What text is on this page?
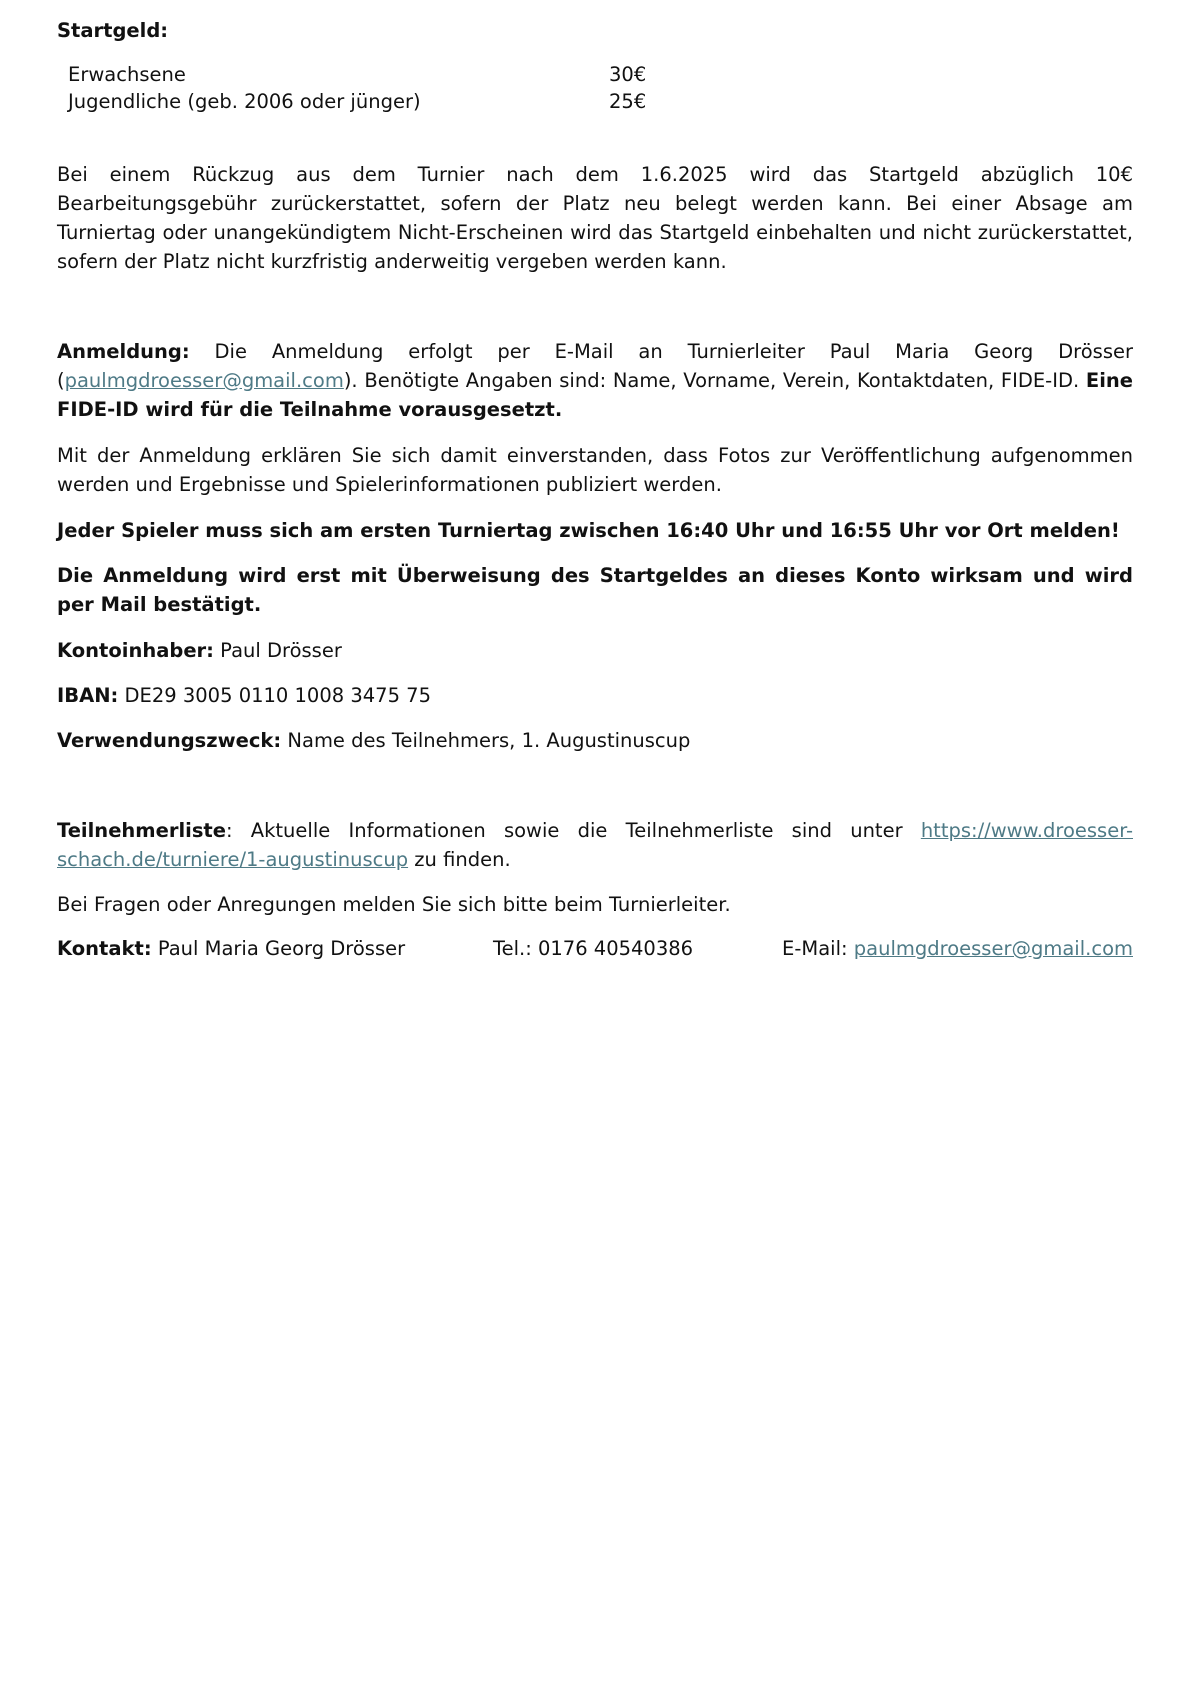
Startgeld:
Erwachsene	30€
Jugendliche (geb. 2006 oder jünger)	25€

Bei einem Rückzug aus dem Turnier nach dem 1.6.2025 wird das Startgeld abzüglich 10€ Bearbeitungsgebühr zurückerstattet, sofern der Platz neu belegt werden kann. Bei einer Absage am Turniertag oder unangekündigtem Nicht-Erscheinen wird das Startgeld einbehalten und nicht zurückerstattet, sofern der Platz nicht kurzfristig anderweitig vergeben werden kann.

Anmeldung: Die Anmeldung erfolgt per E-Mail an Turnierleiter Paul Maria Georg Drösser (paulmgdroesser@gmail.com). Benötigte Angaben sind: Name, Vorname, Verein, Kontaktdaten, FIDE-ID. Eine FIDE-ID wird für die Teilnahme vorausgesetzt.

Mit der Anmeldung erklären Sie sich damit einverstanden, dass Fotos zur Veröffentlichung aufgenommen werden und Ergebnisse und Spielerinformationen publiziert werden.

Jeder Spieler muss sich am ersten Turniertag zwischen 16:40 Uhr und 16:55 Uhr vor Ort melden!

Die Anmeldung wird erst mit Überweisung des Startgeldes an dieses Konto wirksam und wird per Mail bestätigt.

Kontoinhaber: Paul Drösser

IBAN: DE29 3005 0110 1008 3475 75

Verwendungszweck: Name des Teilnehmers, 1. Augustinuscup

Teilnehmerliste: Aktuelle Informationen sowie die Teilnehmerliste sind unter https://www.droesser-schach.de/turniere/1-augustinuscup zu finden.

Bei Fragen oder Anregungen melden Sie sich bitte beim Turnierleiter.

Kontakt: Paul Maria Georg Drösser	Tel.: 0176 40540386	E-Mail: paulmgdroesser@gmail.com
